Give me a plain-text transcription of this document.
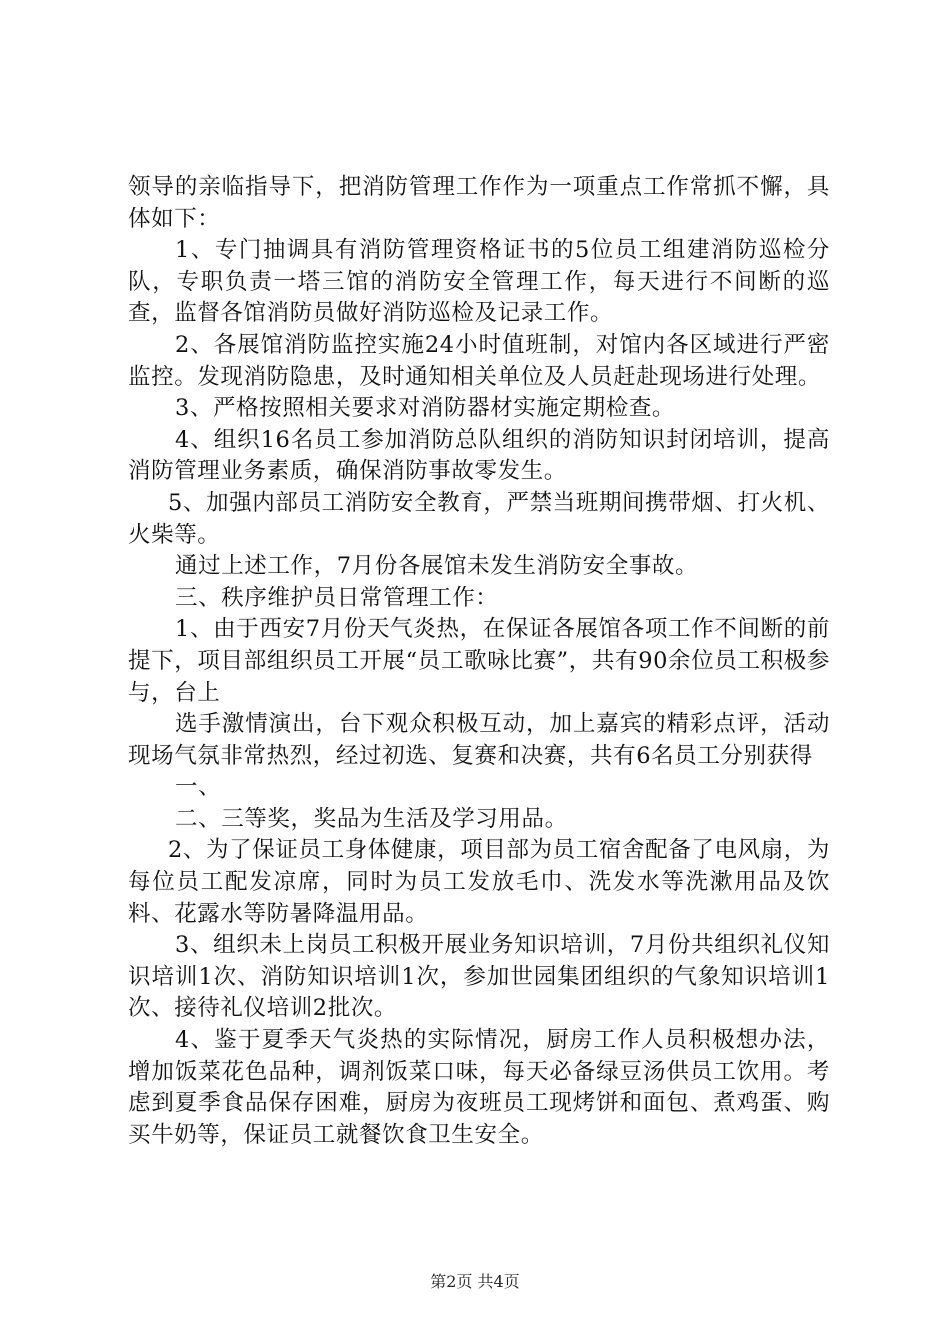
领导的亲临指导下，把消防管理工作作为一项重点工作常抓不懈，具体如下：

1、专门抽调具有消防管理资格证书的5位员工组建消防巡检分队，专职负责一塔三馆的消防安全管理工作，每天进行不间断的巡查，监督各馆消防员做好消防巡检及记录工作。

2、各展馆消防监控实施24小时值班制，对馆内各区域进行严密监控。发现消防隐患，及时通知相关单位及人员赶赴现场进行处理。

3、严格按照相关要求对消防器材实施定期检查。

4、组织16名员工参加消防总队组织的消防知识封闭培训，提高消防管理业务素质，确保消防事故零发生。

5、加强内部员工消防安全教育，严禁当班期间携带烟、打火机、火柴等。

通过上述工作，7月份各展馆未发生消防安全事故。

三、秩序维护员日常管理工作：

1、由于西安7月份天气炎热，在保证各展馆各项工作不间断的前提下，项目部组织员工开展“员工歌咏比赛”，共有90余位员工积极参与，台上

选手激情演出，台下观众积极互动，加上嘉宾的精彩点评，活动现场气氛非常热烈，经过初选、复赛和决赛，共有6名员工分别获得

一、

二、三等奖，奖品为生活及学习用品。

2、为了保证员工身体健康，项目部为员工宿舍配备了电风扇，为每位员工配发凉席，同时为员工发放毛巾、洗发水等洗漱用品及饮料、花露水等防暑降温用品。

3、组织未上岗员工积极开展业务知识培训，7月份共组织礼仪知识培训1次、消防知识培训1次，参加世园集团组织的气象知识培训1次、接待礼仪培训2批次。

4、鉴于夏季天气炎热的实际情况，厨房工作人员积极想办法，增加饭菜花色品种，调剂饭菜口味，每天必备绿豆汤供员工饮用。考虑到夏季食品保存困难，厨房为夜班员工现烤饼和面包、煮鸡蛋、购买牛奶等，保证员工就餐饮食卫生安全。

第2页 共4页
